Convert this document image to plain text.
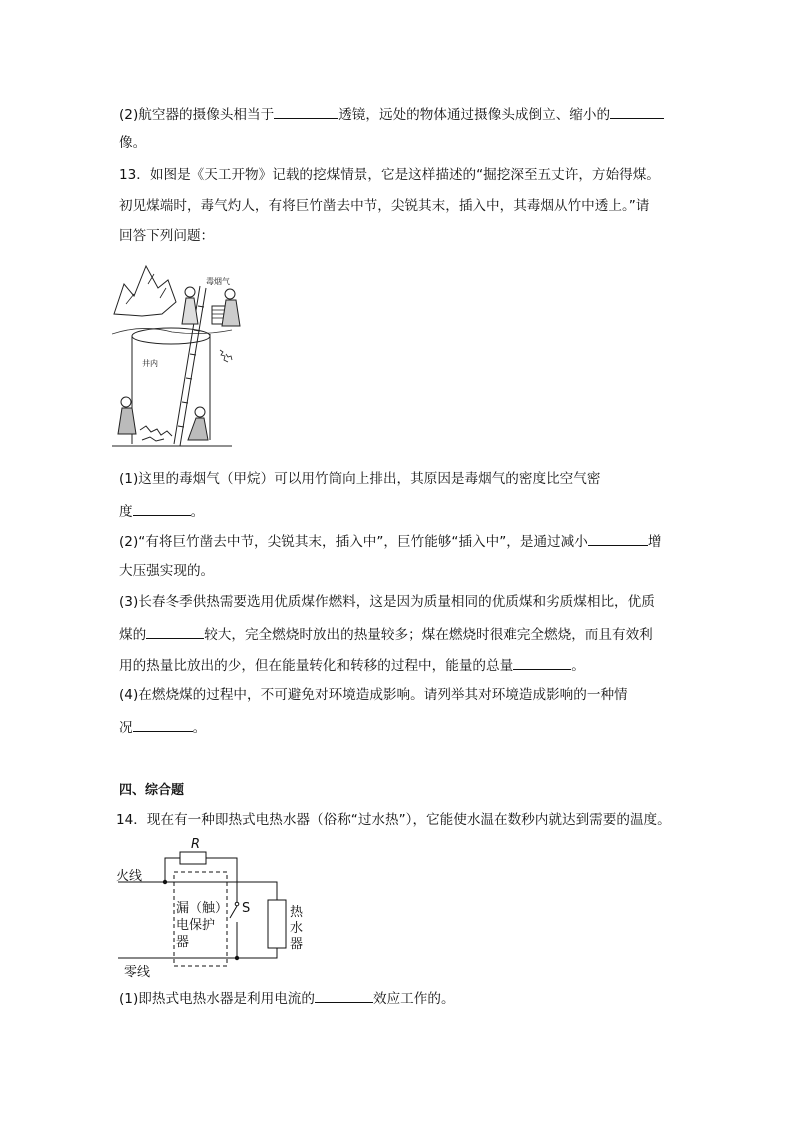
(2)航空器的摄像头相当于	透镜，远处的物体通过摄像头成倒立、缩小的
像。
13．如图是《天工开物》记载的挖煤情景，它是这样描述的“掘挖深至五丈许，方始得煤。
初见煤端时，毒气灼人，有将巨竹凿去中节，尖锐其末，插入中，其毒烟从竹中透上。”请
回答下列问题：
毒烟气
井内
(1)这里的毒烟气（甲烷）可以用竹筒向上排出，其原因是毒烟气的密度比空气密
度	。
(2)“有将巨竹凿去中节，尖锐其末，插入中”，巨竹能够“插入中”，是通过减小	增
大压强实现的。
(3)长春冬季供热需要选用优质煤作燃料，这是因为质量相同的优质煤和劣质煤相比，优质
煤的	较大，完全燃烧时放出的热量较多；煤在燃烧时很难完全燃烧，而且有效利
用的热量比放出的少，但在能量转化和转移的过程中，能量的总量	。
(4)在燃烧煤的过程中，不可避免对环境造成影响。请列举其对环境造成影响的一种情
况	。
四、综合题
14．现在有一种即热式电热水器（俗称“过水热”），它能使水温在数秒内就达到需要的温度。
火线
R
漏（触）
电保护
器
S	热
水
器
零线
(1)即热式电热水器是利用电流的	效应工作的。
